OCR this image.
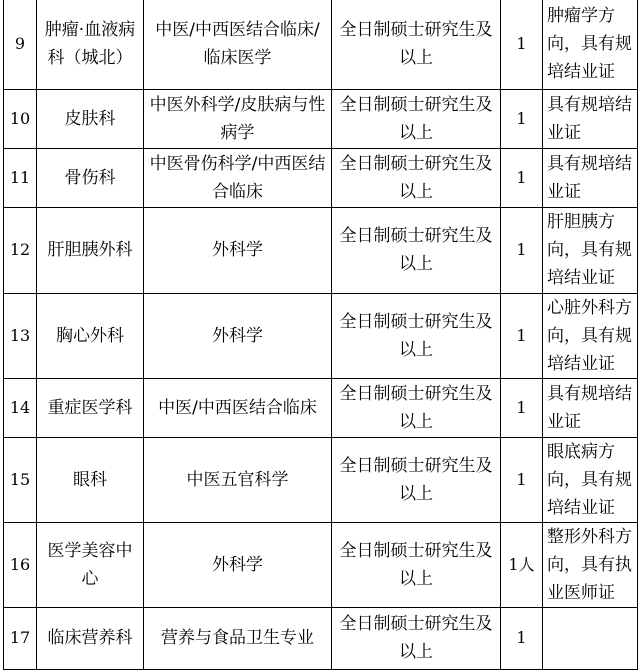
9	肿瘤·血液病科（城北）	中医/中西医结合临床/临床医学	全日制硕士研究生及以上	1	肿瘤学方向，具有规培结业证
10	皮肤科	中医外科学/皮肤病与性病学	全日制硕士研究生及以上	1	具有规培结业证
11	骨伤科	中医骨伤科学/中西医结合临床	全日制硕士研究生及以上	1	具有规培结业证
12	肝胆胰外科	外科学	全日制硕士研究生及以上	1	肝胆胰方向，具有规培结业证
13	胸心外科	外科学	全日制硕士研究生及以上	1	心脏外科方向，具有规培结业证
14	重症医学科	中医/中西医结合临床	全日制硕士研究生及以上	1	具有规培结业证
15	眼科	中医五官科学	全日制硕士研究生及以上	1	眼底病方向，具有规培结业证
16	医学美容中心	外科学	全日制硕士研究生及以上	1人	整形外科方向，具有执业医师证
17	临床营养科	营养与食品卫生专业	全日制硕士研究生及以上	1	
